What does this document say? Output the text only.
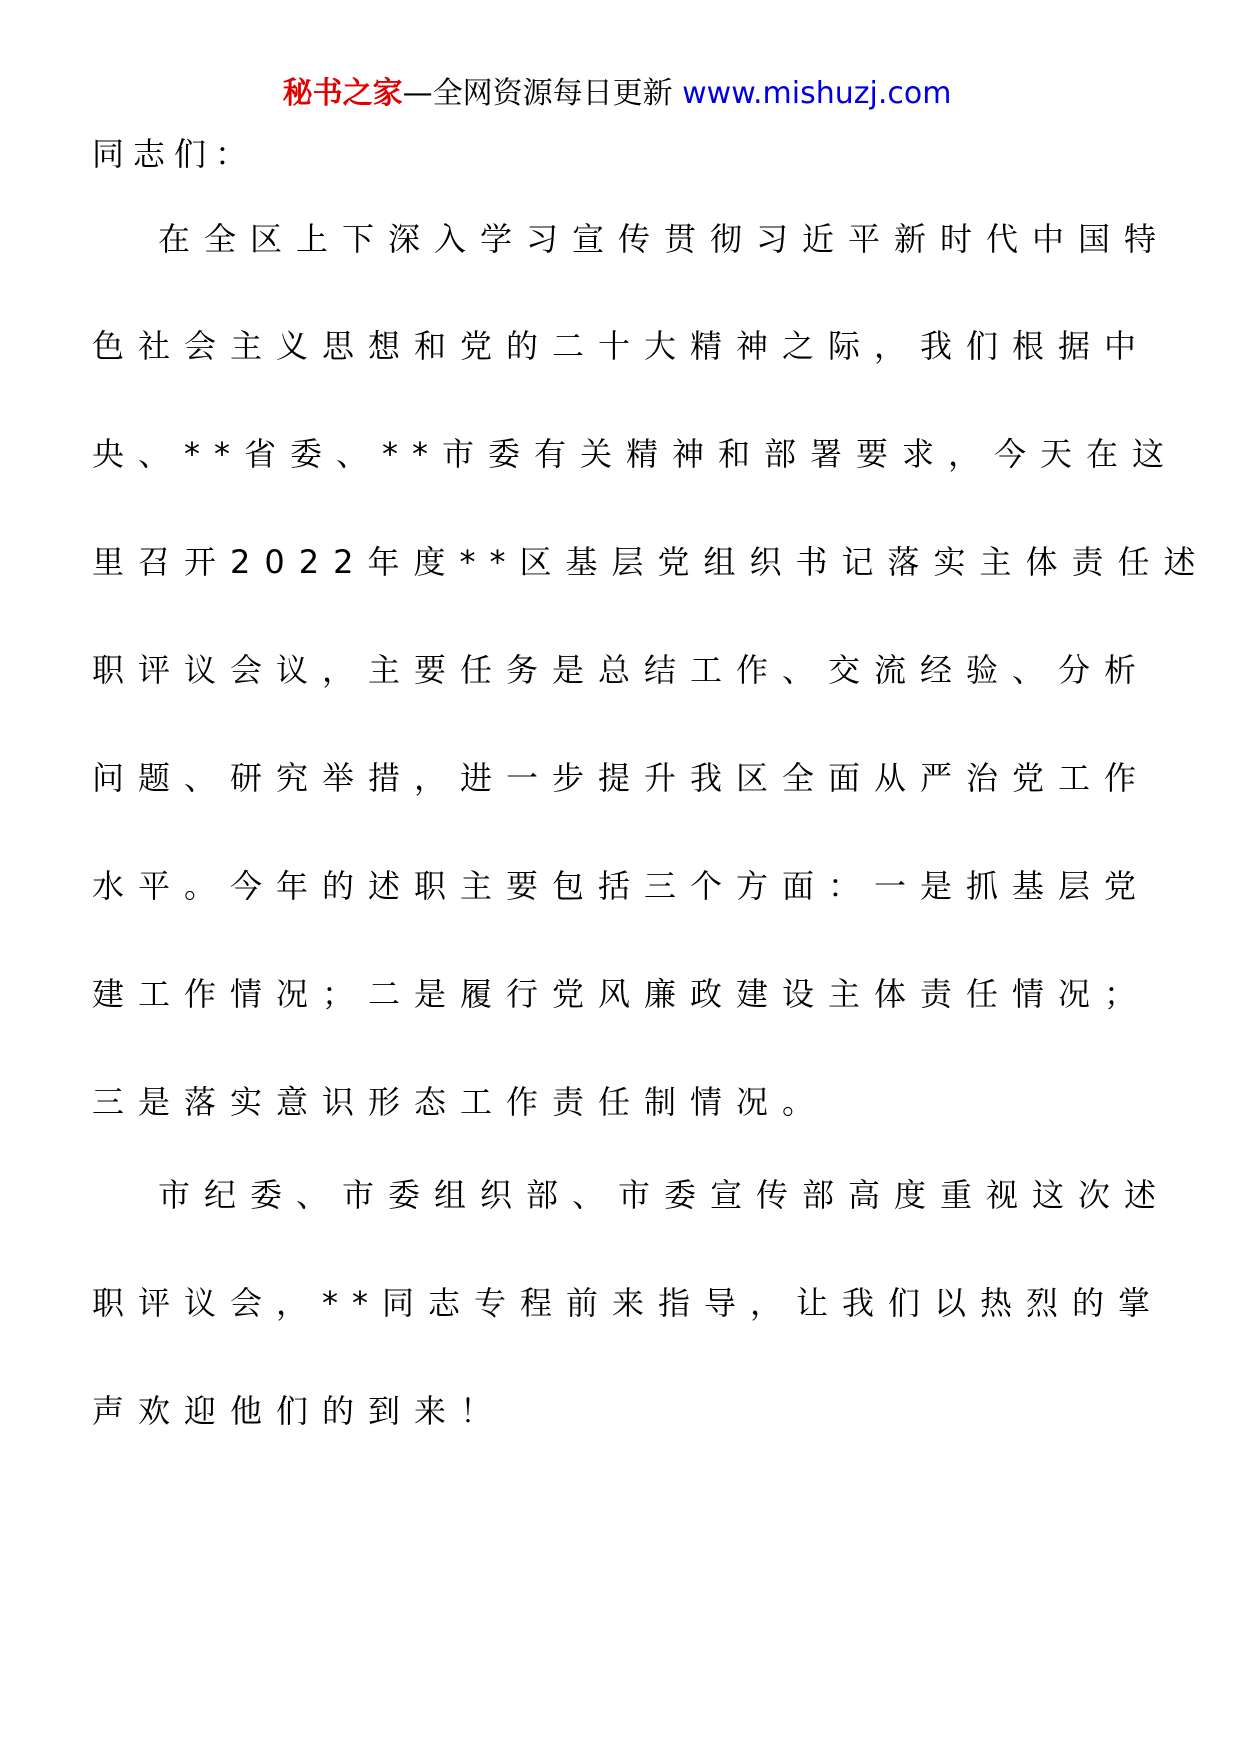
秘书之家—全网资源每日更新 www.mishuzj.com

同志们：

在全区上下深入学习宣传贯彻习近平新时代中国特

色社会主义思想和党的二十大精神之际，我们根据中

央、**省委、**市委有关精神和部署要求，今天在这

里召开2022年度**区基层党组织书记落实主体责任述

职评议会议，主要任务是总结工作、交流经验、分析

问题、研究举措，进一步提升我区全面从严治党工作

水平。今年的述职主要包括三个方面：一是抓基层党

建工作情况；二是履行党风廉政建设主体责任情况；

三是落实意识形态工作责任制情况。

市纪委、市委组织部、市委宣传部高度重视这次述

职评议会，**同志专程前来指导，让我们以热烈的掌

声欢迎他们的到来！
